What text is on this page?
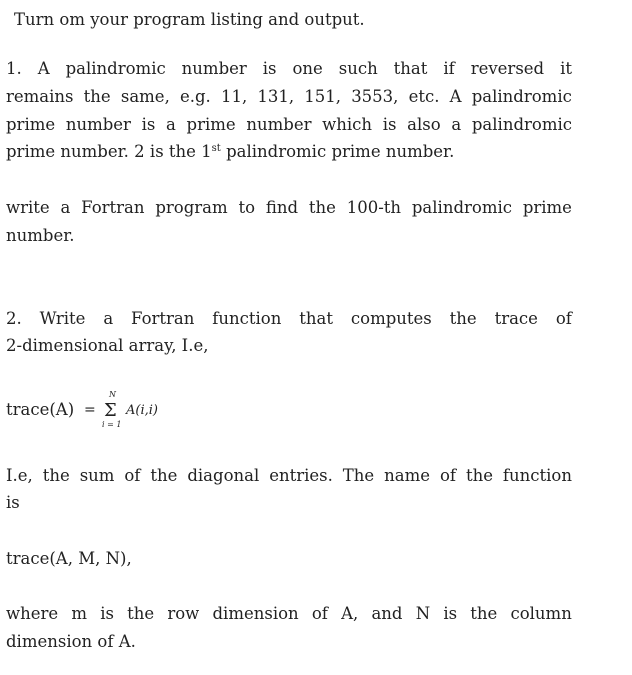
Turn om your program listing and output.
1. A palindromic number is one such that if reversed it
remains the same, e.g. 11, 131, 151, 3553, etc. A palindromic
prime number is a prime number which is also a palindromic
prime number. 2 is the 1st palindromic prime number.
write a Fortran program to find the 100-th palindromic prime
number.
2. Write a Fortran function that computes the trace of
2-dimensional array, I.e,
trace(A) =
N
Σ
i = 1
A(i,i)
I.e, the sum of the diagonal entries. The name of the function
is
trace(A, M, N),
where m is the row dimension of A, and N is the column
dimension of A.
